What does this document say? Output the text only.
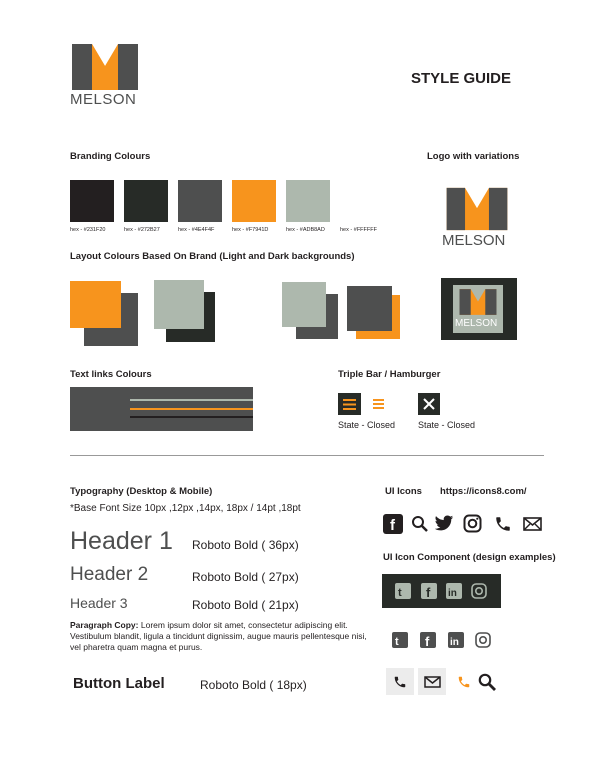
MELSON
STYLE GUIDE
Branding Colours
hex - #231F20	hex - #272B27	hex - #4E4F4F	hex - #F7941D	hex - #ADB8AD	hex - #FFFFFF
Logo with variations
MELSON
MELSON
Layout Colours Based On Brand (Light and Dark backgrounds)
Text links Colours	Triple Bar / Hamburger
State - Closed	State - Closed
Typography (Desktop & Mobile)
*Base Font Size 10px ,12px ,14px, 18px / 14pt ,18pt
Header 1 Roboto Bold ( 36px)
Header 2	Roboto Bold ( 27px)
Header 3	Roboto Bold ( 21px)
Paragraph Copy: Lorem ipsum dolor sit amet, consectetur adipiscing elit. Vestibulum blandit, ligula a tincidunt dignissim, augue mauris pellentesque nisi, vel pharetra quam magna et purus.
Button Label	Roboto Bold ( 18px)
UI Icons https://icons8.com/
f
UI Icon Component (design examples)
t f in
t f in
